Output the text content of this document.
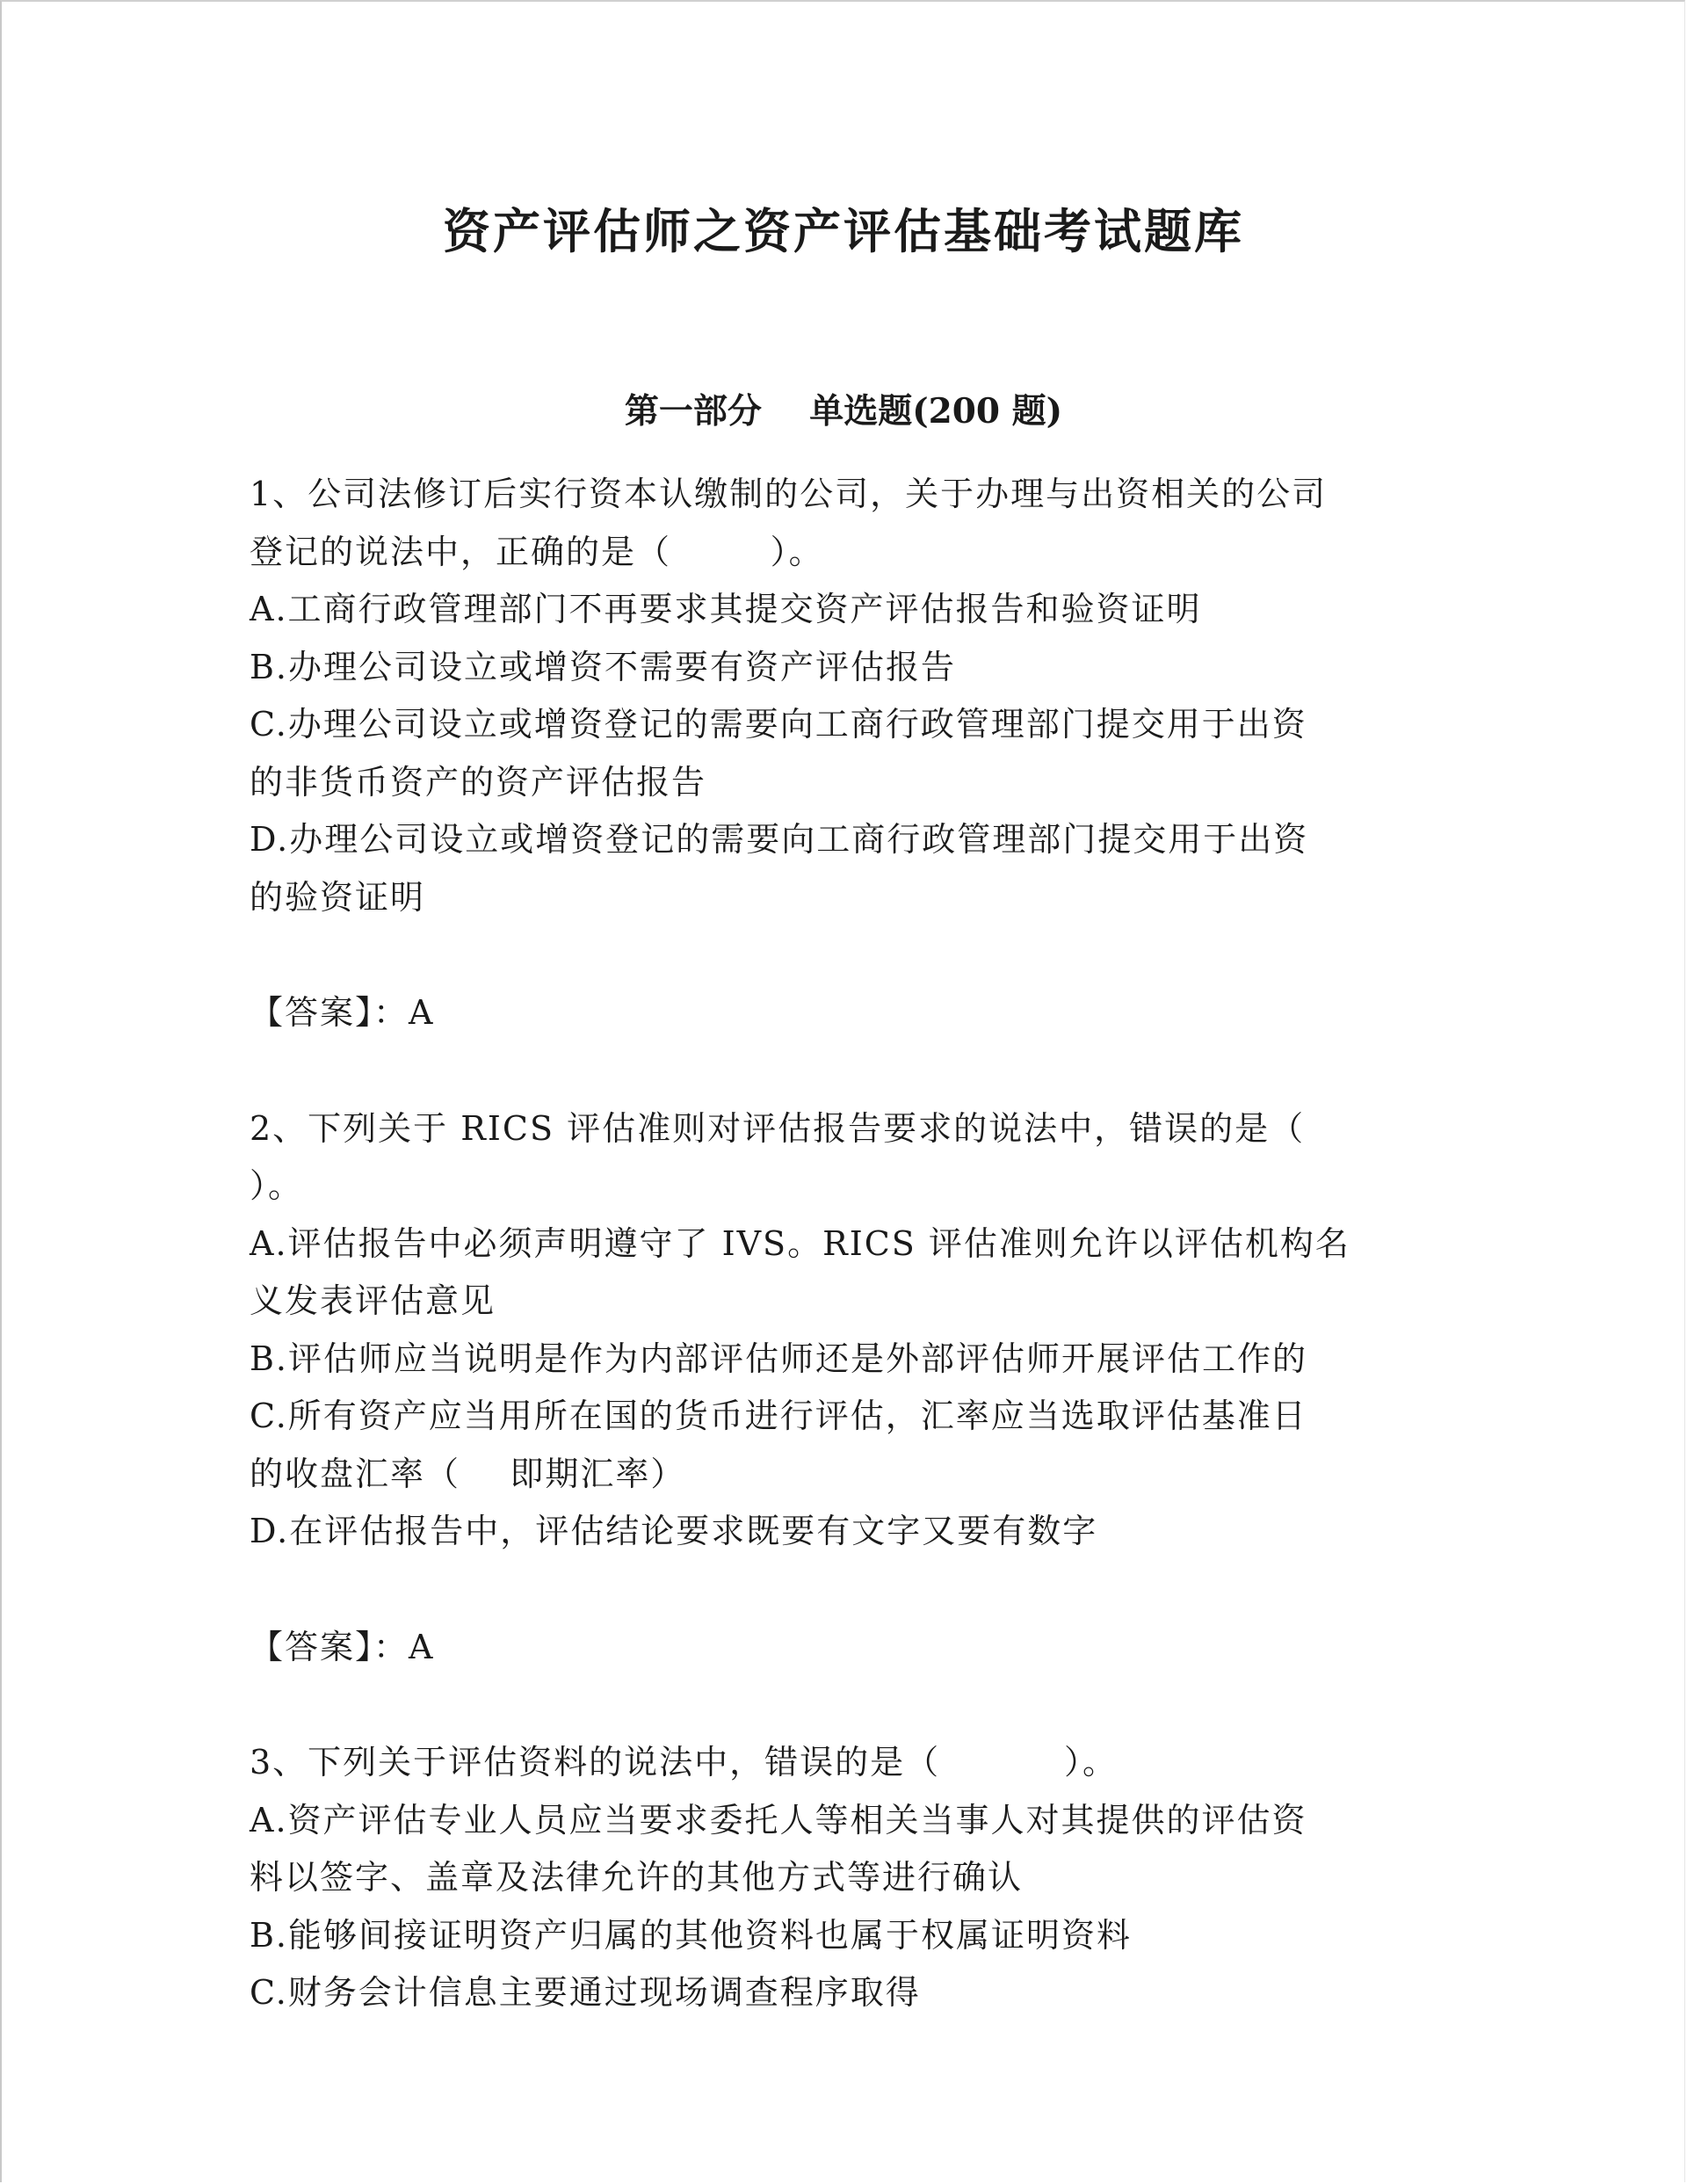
资产评估师之资产评估基础考试题库
第一部分    单选题(200 题)
1、公司法修订后实行资本认缴制的公司，关于办理与出资相关的公司
登记的说法中，正确的是（        ）。
A.工商行政管理部门不再要求其提交资产评估报告和验资证明
B.办理公司设立或增资不需要有资产评估报告
C.办理公司设立或增资登记的需要向工商行政管理部门提交用于出资
的非货币资产的资产评估报告
D.办理公司设立或增资登记的需要向工商行政管理部门提交用于出资
的验资证明
【答案】：A
2、下列关于 RICS 评估准则对评估报告要求的说法中，错误的是（
）。
A.评估报告中必须声明遵守了 IVS。RICS 评估准则允许以评估机构名
义发表评估意见
B.评估师应当说明是作为内部评估师还是外部评估师开展评估工作的
C.所有资产应当用所在国的货币进行评估，汇率应当选取评估基准日
的收盘汇率（    即期汇率）
D.在评估报告中，评估结论要求既要有文字又要有数字
【答案】：A
3、下列关于评估资料的说法中，错误的是（          ）。
A.资产评估专业人员应当要求委托人等相关当事人对其提供的评估资
料以签字、盖章及法律允许的其他方式等进行确认
B.能够间接证明资产归属的其他资料也属于权属证明资料
C.财务会计信息主要通过现场调查程序取得
